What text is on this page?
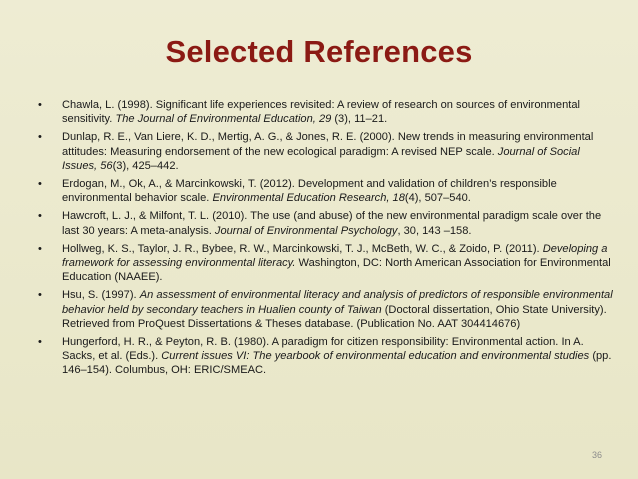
Selected References
• Chawla, L. (1998). Significant life experiences revisited: A review of research on sources of environmental sensitivity. The Journal of Environmental Education, 29 (3), 11–21.
• Dunlap, R. E., Van Liere, K. D., Mertig, A. G., & Jones, R. E. (2000). New trends in measuring environmental attitudes: Measuring endorsement of the new ecological paradigm: A revised NEP scale. Journal of Social Issues, 56(3), 425–442.
• Erdogan, M., Ok, A., & Marcinkowski, T. (2012). Development and validation of children’s responsible environmental behavior scale. Environmental Education Research, 18(4), 507–540.
• Hawcroft, L. J., & Milfont, T. L. (2010). The use (and abuse) of the new environmental paradigm scale over the last 30 years: A meta-analysis. Journal of Environmental Psychology, 30, 143 –158.
• Hollweg, K. S., Taylor, J. R., Bybee, R. W., Marcinkowski, T. J., McBeth, W. C., & Zoido, P. (2011). Developing a framework for assessing environmental literacy. Washington, DC: North American Association for Environmental Education (NAAEE).
• Hsu, S. (1997). An assessment of environmental literacy and analysis of predictors of responsible environmental behavior held by secondary teachers in Hualien county of Taiwan (Doctoral dissertation, Ohio State University). Retrieved from ProQuest Dissertations & Theses database. (Publication No. AAT 304414676)
• Hungerford, H. R., & Peyton, R. B. (1980). A paradigm for citizen responsibility: Environmental action. In A. Sacks, et al. (Eds.). Current issues VI: The yearbook of environmental education and environmental studies (pp. 146–154). Columbus, OH: ERIC/SMEAC.
36
